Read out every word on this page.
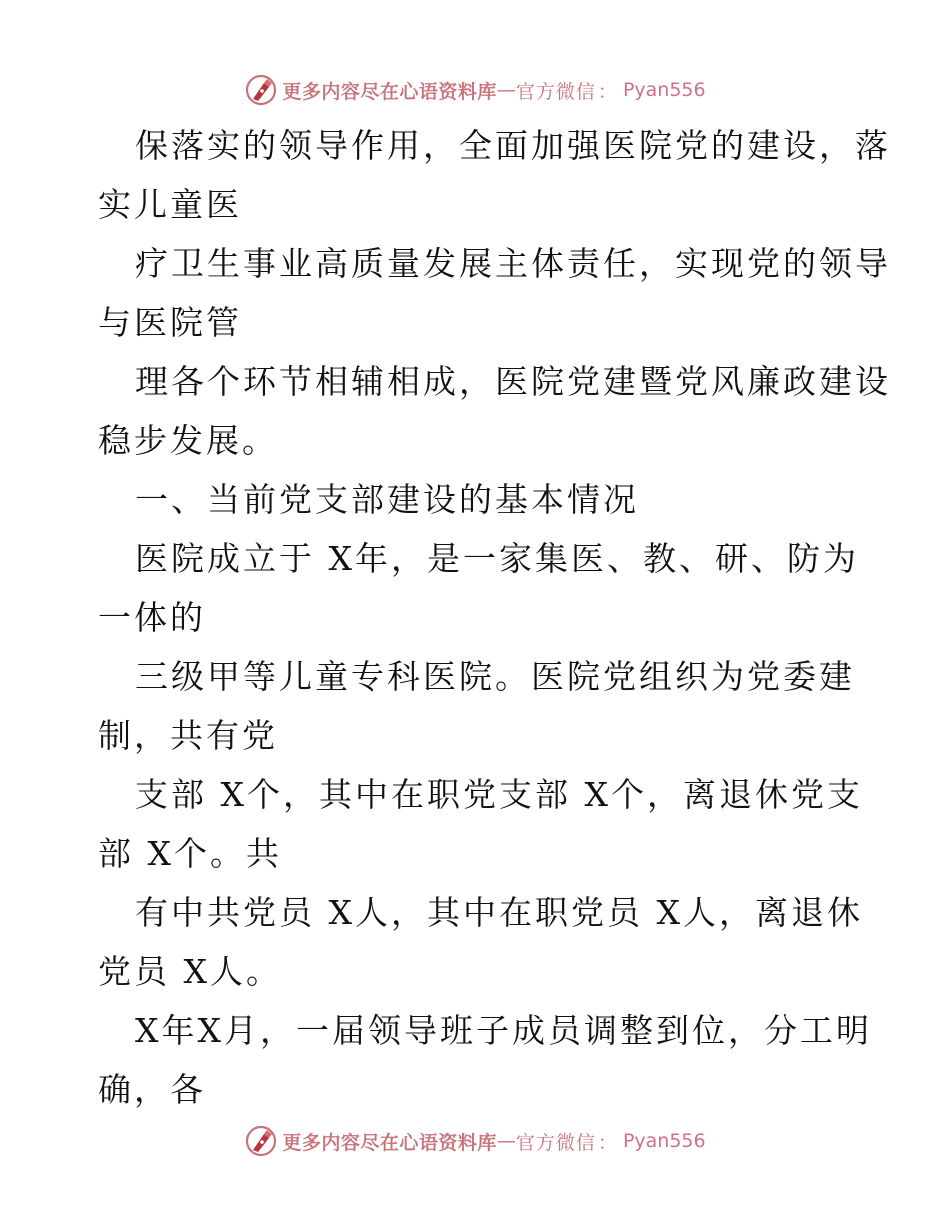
更多内容尽在心语资料库 — 官方微信 ： Pyan556
保落实的领导作用，全面加强医院党的建设，落
实儿童医
疗卫生事业高质量发展主体责任，实现党的领导
与医院管
理各个环节相辅相成，医院党建暨党风廉政建设
稳步发展。
一、当前党支部建设的基本情况
医院成立于 X年，是一家集医、教、研、防为
一体的
三级甲等儿童专科医院。医院党组织为党委建
制，共有党
支部 X个，其中在职党支部 X个，离退休党支
部 X个。共
有中共党员 X人，其中在职党员 X人，离退休
党员 X人。
X年X月，一届领导班子成员调整到位，分工明
确，各
更多内容尽在心语资料库 — 官方微信 ： Pyan556
